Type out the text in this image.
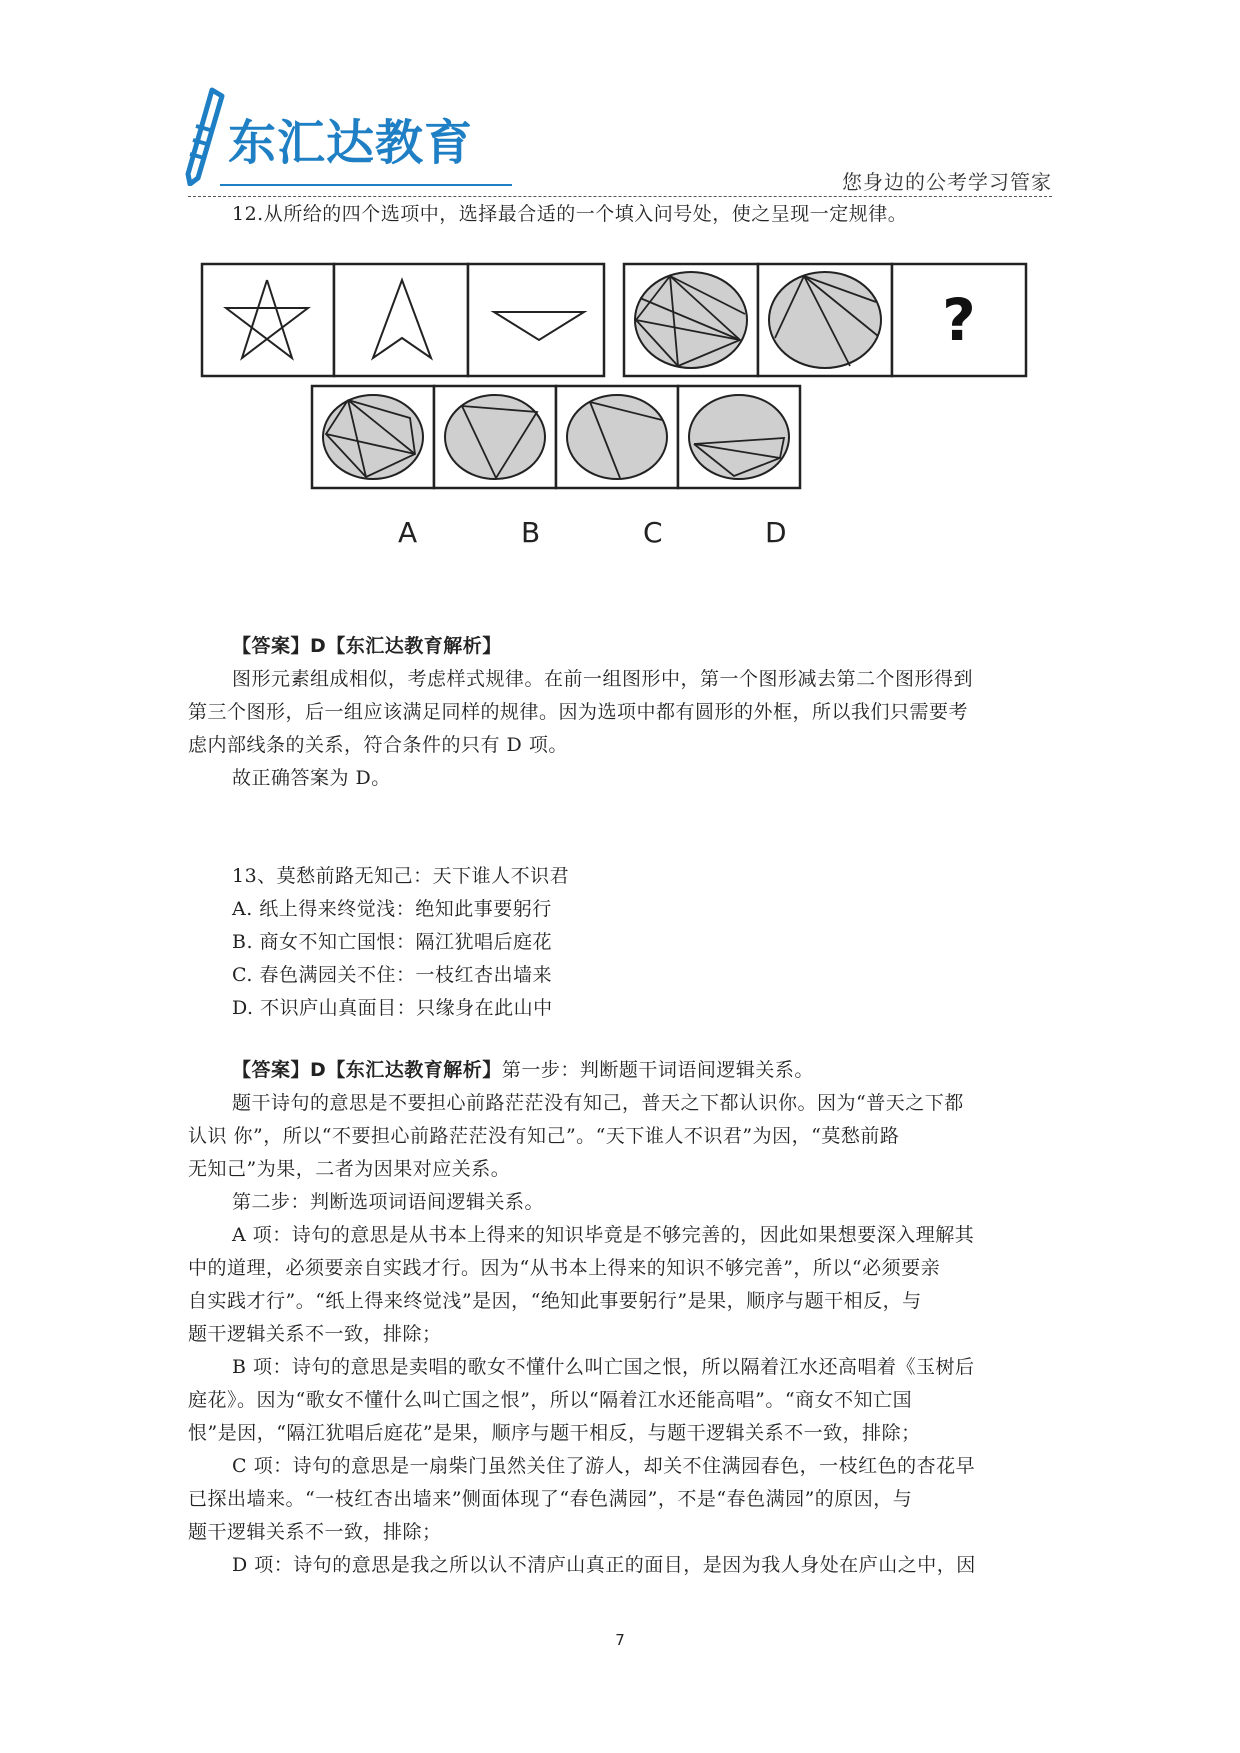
东汇达教育
您身边的公考学习管家

12.从所给的四个选项中，选择最合适的一个填入问号处，使之呈现一定规律。

?
A	B	C	D

【答案】D【东汇达教育解析】

图形元素组成相似，考虑样式规律。在前一组图形中，第一个图形减去第二个图形得到

第三个图形，后一组应该满足同样的规律。因为选项中都有圆形的外框，所以我们只需要考

虑内部线条的关系，符合条件的只有 D 项。

故正确答案为 D。

13、莫愁前路无知己：天下谁人不识君

A. 纸上得来终觉浅：绝知此事要躬行

B. 商女不知亡国恨：隔江犹唱后庭花

C. 春色满园关不住：一枝红杏出墙来

D. 不识庐山真面目：只缘身在此山中

【答案】D【东汇达教育解析】第一步：判断题干词语间逻辑关系。

题干诗句的意思是不要担心前路茫茫没有知己，普天之下都认识你。因为“普天之下都

认识 你”，所以“不要担心前路茫茫没有知己”。“天下谁人不识君”为因，“莫愁前路

无知己”为果，二者为因果对应关系。

第二步：判断选项词语间逻辑关系。

A 项：诗句的意思是从书本上得来的知识毕竟是不够完善的，因此如果想要深入理解其

中的道理，必须要亲自实践才行。因为“从书本上得来的知识不够完善”，所以“必须要亲

自实践才行”。“纸上得来终觉浅”是因，“绝知此事要躬行”是果，顺序与题干相反，与

题干逻辑关系不一致，排除；

B 项：诗句的意思是卖唱的歌女不懂什么叫亡国之恨，所以隔着江水还高唱着《玉树后

庭花》。因为“歌女不懂什么叫亡国之恨”，所以“隔着江水还能高唱”。“商女不知亡国

恨”是因，“隔江犹唱后庭花”是果，顺序与题干相反，与题干逻辑关系不一致，排除；

C 项：诗句的意思是一扇柴门虽然关住了游人，却关不住满园春色，一枝红色的杏花早

已探出墙来。“一枝红杏出墙来”侧面体现了“春色满园”，不是“春色满园”的原因，与

题干逻辑关系不一致，排除；

D 项：诗句的意思是我之所以认不清庐山真正的面目，是因为我人身处在庐山之中，因

7
